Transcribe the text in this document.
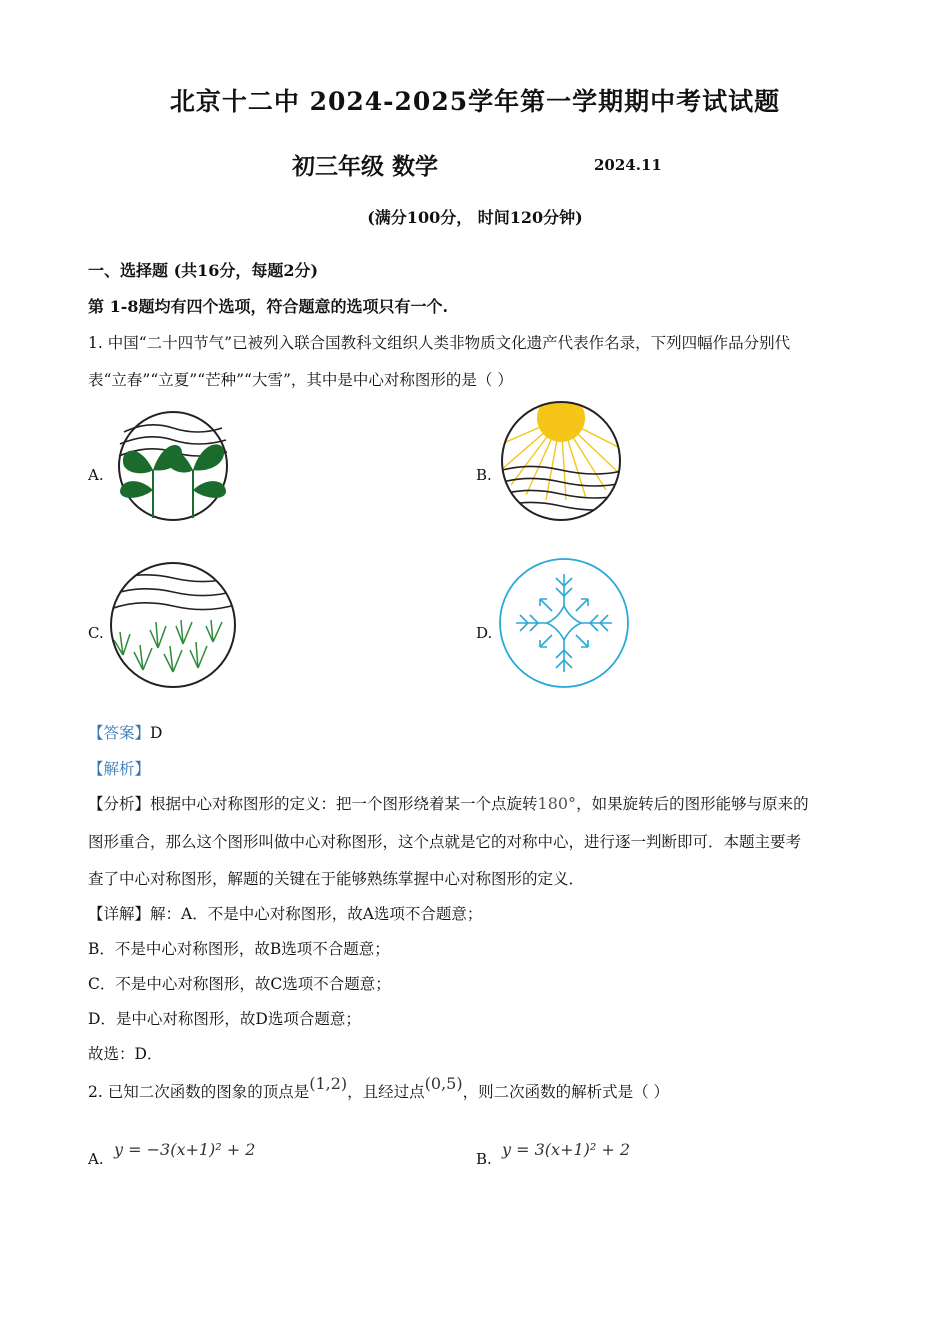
北京十二中 2024-2025学年第一学期期中考试试题
初三年级 数学	2024.11
(满分100分， 时间120分钟)
一、选择题 (共16分，每题2分)
第 1-8题均有四个选项，符合题意的选项只有一个.
1. 中国“二十四节气”已被列入联合国教科文组织人类非物质文化遗产代表作名录，下列四幅作品分别代
表“立春”“立夏”“芒种”“大雪”，其中是中心对称图形的是（ ）
A.	B.
C.	D.
【答案】D
【解析】
【分析】根据中心对称图形的定义：把一个图形绕着某一个点旋转180°，如果旋转后的图形能够与原来的
图形重合，那么这个图形叫做中心对称图形，这个点就是它的对称中心，进行逐一判断即可．本题主要考
查了中心对称图形，解题的关键在于能够熟练掌握中心对称图形的定义．
【详解】解：A．不是中心对称图形，故A选项不合题意；
B．不是中心对称图形，故B选项不合题意；
C．不是中心对称图形，故C选项不合题意；
D．是中心对称图形，故D选项合题意；
故选：D．
2. 已知二次函数的图象的顶点是(1,2)，且经过点(0,5)，则二次函数的解析式是（ ）
A. y = −3(x+1)² + 2	B. y = 3(x+1)² + 2
